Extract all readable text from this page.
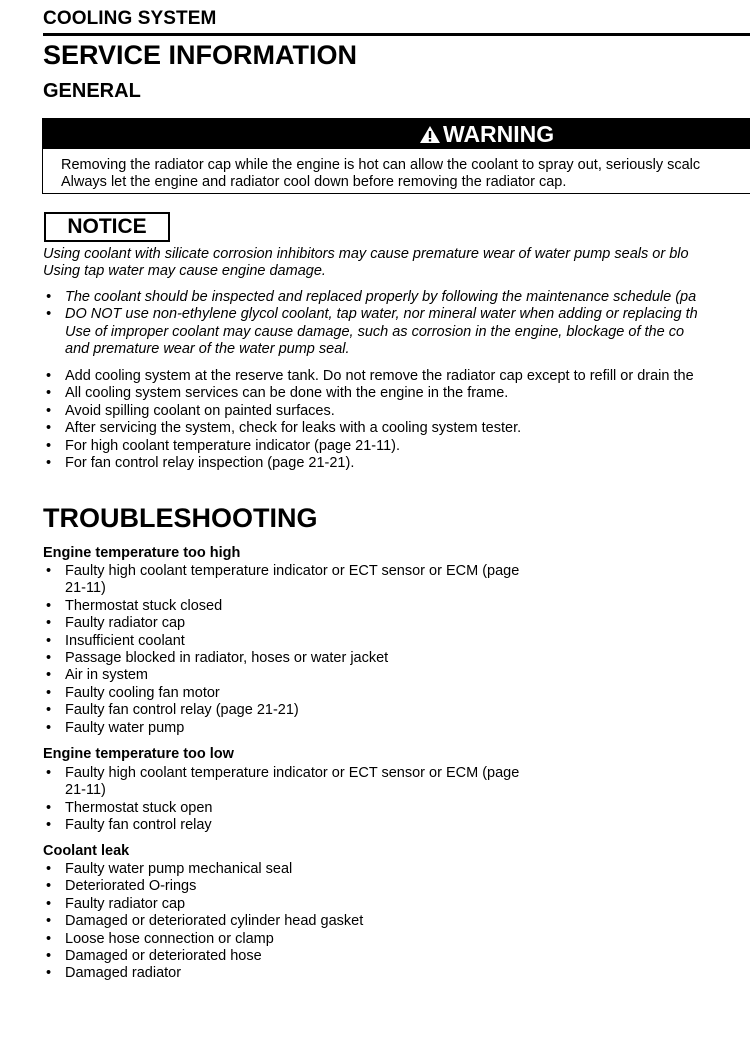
COOLING SYSTEM
SERVICE INFORMATION
GENERAL
WARNING
Removing the radiator cap while the engine is hot can allow the coolant to spray out, seriously scalc
Always let the engine and radiator cool down before removing the radiator cap.
NOTICE
Using coolant with silicate corrosion inhibitors may cause premature wear of water pump seals or blo
Using tap water may cause engine damage.
• The coolant should be inspected and replaced properly by following the maintenance schedule (pa
• DO NOT use non-ethylene glycol coolant, tap water, nor mineral water when adding or replacing th
Use of improper coolant may cause damage, such as corrosion in the engine, blockage of the co
and premature wear of the water pump seal.
• Add cooling system at the reserve tank. Do not remove the radiator cap except to refill or drain the
• All cooling system services can be done with the engine in the frame.
• Avoid spilling coolant on painted surfaces.
• After servicing the system, check for leaks with a cooling system tester.
• For high coolant temperature indicator (page 21-11).
• For fan control relay inspection (page 21-21).
TROUBLESHOOTING
Engine temperature too high
• Faulty high coolant temperature indicator or ECT sensor or ECM (page
21-11)
• Thermostat stuck closed
• Faulty radiator cap
• Insufficient coolant
• Passage blocked in radiator, hoses or water jacket
• Air in system
• Faulty cooling fan motor
• Faulty fan control relay (page 21-21)
• Faulty water pump
Engine temperature too low
• Faulty high coolant temperature indicator or ECT sensor or ECM (page
21-11)
• Thermostat stuck open
• Faulty fan control relay
Coolant leak
• Faulty water pump mechanical seal
• Deteriorated O-rings
• Faulty radiator cap
• Damaged or deteriorated cylinder head gasket
• Loose hose connection or clamp
• Damaged or deteriorated hose
• Damaged radiator
